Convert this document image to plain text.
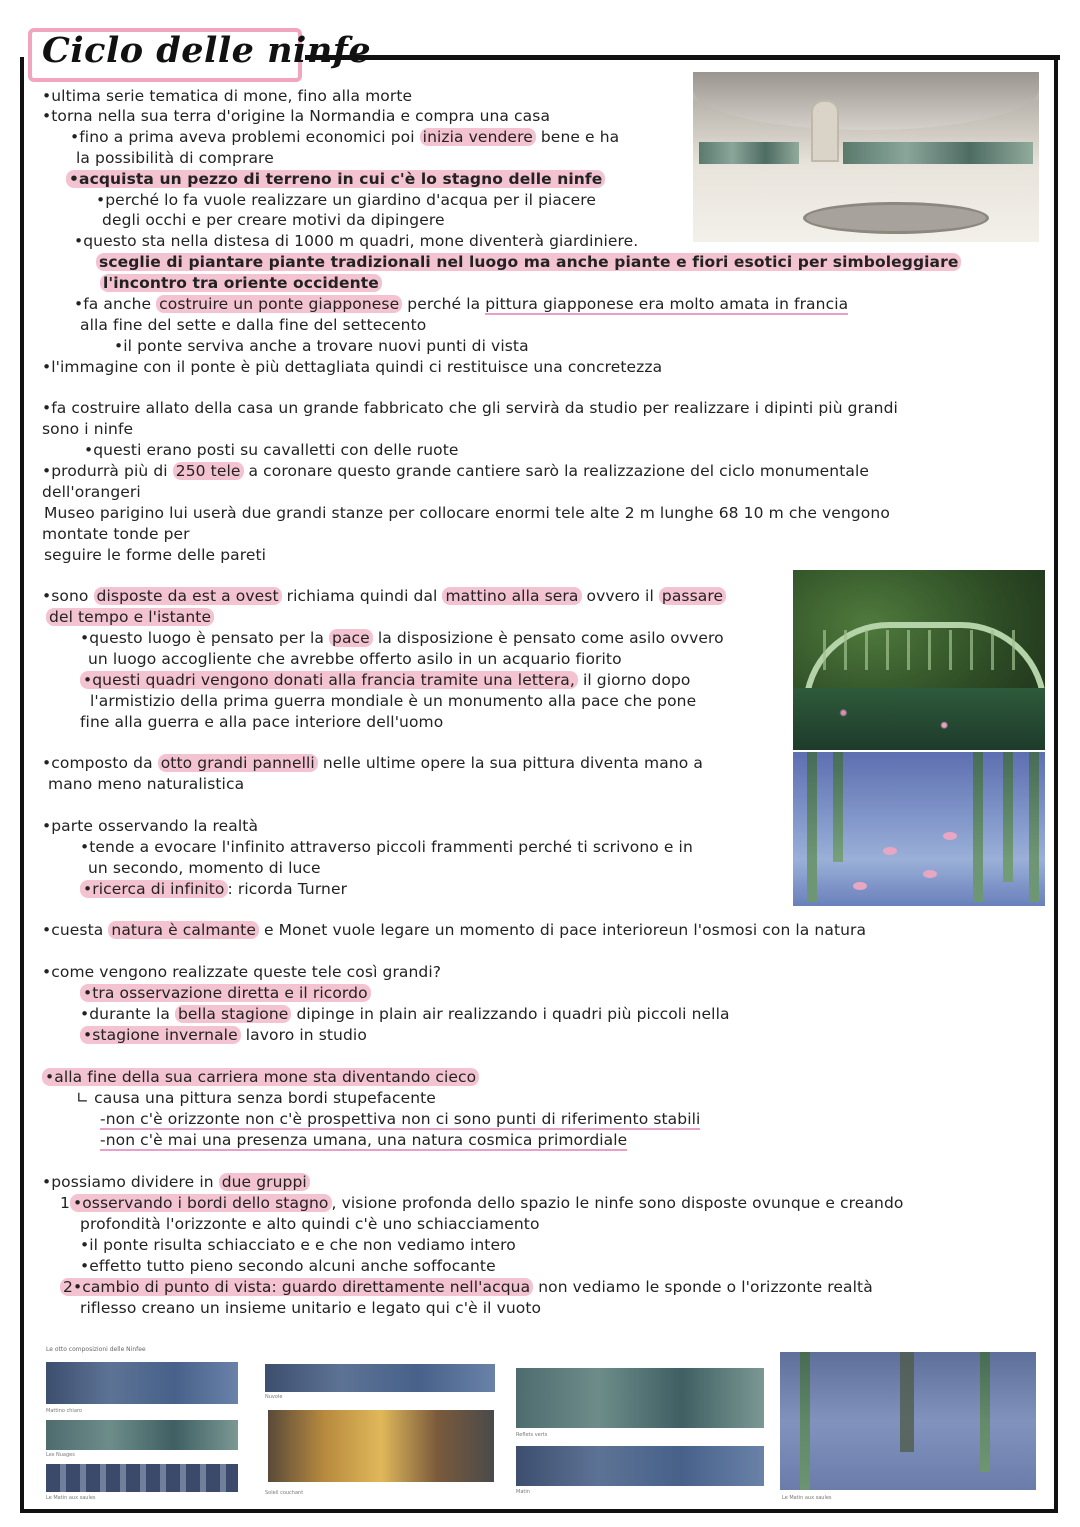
Ciclo delle ninfe
•ultima serie tematica di mone, fino alla morte
•torna nella sua terra d'origine la Normandia e compra una casa
•fino a prima aveva problemi economici poi inizia vendere bene e ha
la possibilità di comprare
•acquista un pezzo di terreno in cui c'è lo stagno delle ninfe
•perché lo fa vuole realizzare un giardino d'acqua per il piacere
degli occhi e per creare motivi da dipingere
•questo sta nella distesa di 1000 m quadri, mone diventerà giardiniere.
sceglie di piantare piante tradizionali nel luogo ma anche piante e fiori esotici per simboleggiare
l'incontro tra oriente occidente
•fa anche costruire un ponte giapponese perché la pittura giapponese era molto amata in francia
alla fine del sette e dalla fine del settecento
•il ponte serviva anche a trovare nuovi punti di vista
•l'immagine con il ponte è più dettagliata quindi ci restituisce una concretezza
•fa costruire allato della casa un grande fabbricato che gli servirà da studio per realizzare i dipinti più grandi
sono i ninfe
•questi erano posti su cavalletti con delle ruote
•produrrà più di 250 tele a coronare questo grande cantiere sarò la realizzazione del ciclo monumentale
dell'orangeri
Museo parigino lui userà due grandi stanze per collocare enormi tele alte 2 m lunghe 68 10 m che vengono
montate tonde per
seguire le forme delle pareti
•sono disposte da est a ovest richiama quindi dal mattino alla sera ovvero il passare
del tempo e l'istante
•questo luogo è pensato per la pace la disposizione è pensato come asilo ovvero
un luogo accogliente che avrebbe offerto asilo in un acquario fiorito
•questi quadri vengono donati alla francia tramite una lettera, il giorno dopo
l'armistizio della prima guerra mondiale è un monumento alla pace che pone
fine alla guerra e alla pace interiore dell'uomo
•composto da otto grandi pannelli nelle ultime opere la sua pittura diventa mano a
mano meno naturalistica
•parte osservando la realtà
•tende a evocare l'infinito attraverso piccoli frammenti perché ti scrivono e in
un secondo, momento di luce
•ricerca di infinito : ricorda Turner
•cuesta natura è calmante e Monet vuole legare un momento di pace interioreun l'osmosi con la natura
•come vengono realizzate queste tele così grandi?
•tra osservazione diretta e il ricordo
•durante la bella stagione dipinge in plain air realizzando i quadri più piccoli nella
•stagione invernale lavoro in studio
•alla fine della sua carriera mone sta diventando cieco
∟ causa una pittura senza bordi stupefacente
-non c'è orizzonte non c'è prospettiva non ci sono punti di riferimento stabili
-non c'è mai una presenza umana, una natura cosmica primordiale
•possiamo dividere in due gruppi
1 •osservando i bordi dello stagno , visione profonda dello spazio le ninfe sono disposte ovunque e creando
profondità l'orizzonte e alto quindi c'è uno schiacciamento
•il ponte risulta schiacciato e e che non vediamo intero
•effetto tutto pieno secondo alcuni anche soffocante
2•cambio di punto di vista: guardo direttamente nell'acqua non vediamo le sponde o l'orizzonte realtà
riflesso creano un insieme unitario e legato qui c'è il vuoto
Le otto composizioni delle Ninfee
Mattino chiaro
Les Nuages
Le Matin aux saules
Nuvole
Soleil couchant
Reflets verts
Matin
Le Matin aux saules
